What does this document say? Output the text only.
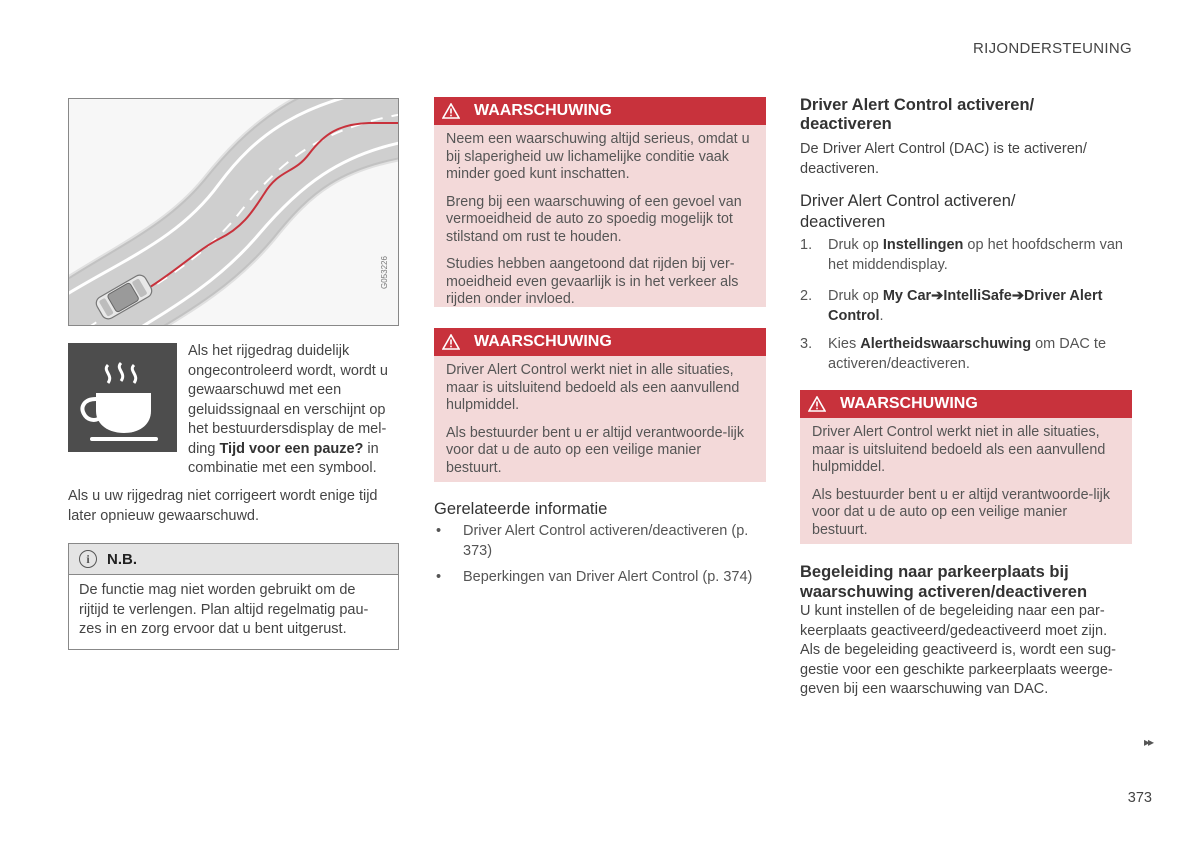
RIJONDERSTEUNING
G053226
Als het rijgedrag duidelijk ongecontroleerd wordt, wordt u gewaarschuwd met een geluidssignaal en verschijnt op het bestuurdersdisplay de mel-ding Tijd voor een pauze? in combinatie met een symbool.
Als u uw rijgedrag niet corrigeert wordt enige tijd later opnieuw gewaarschuwd.
i	N.B.
De functie mag niet worden gebruikt om de rijtijd te verlengen. Plan altijd regelmatig pau-zes in en zorg ervoor dat u bent uitgerust.
WAARSCHUWING

Neem een waarschuwing altijd serieus, omdat u bij slaperigheid uw lichamelijke conditie vaak minder goed kunt inschatten.

Breng bij een waarschuwing of een gevoel van vermoeidheid de auto zo spoedig mogelijk tot stilstand om rust te houden.

Studies hebben aangetoond dat rijden bij ver-moeidheid even gevaarlijk is in het verkeer als rijden onder invloed.

WAARSCHUWING

Driver Alert Control werkt niet in alle situaties, maar is uitsluitend bedoeld als een aanvullend hulpmiddel.

Als bestuurder bent u er altijd verantwoorde-lijk voor dat u de auto op een veilige manier bestuurt.

Gerelateerde informatie
• Driver Alert Control activeren/deactiveren (p. 373)
• Beperkingen van Driver Alert Control (p. 374)
Driver Alert Control activeren/ deactiveren
De Driver Alert Control (DAC) is te activeren/ deactiveren.
Driver Alert Control activeren/ deactiveren
1. Druk op Instellingen op het hoofdscherm van het middendisplay.
2. Druk op My Car➔IntelliSafe➔Driver Alert Control.
3. Kies Alertheidswaarschuwing om DAC te activeren/deactiveren.
WAARSCHUWING

Driver Alert Control werkt niet in alle situaties, maar is uitsluitend bedoeld als een aanvullend hulpmiddel.

Als bestuurder bent u er altijd verantwoorde-lijk voor dat u de auto op een veilige manier bestuurt.

Begeleiding naar parkeerplaats bij waarschuwing activeren/deactiveren
U kunt instellen of de begeleiding naar een par-keerplaats geactiveerd/gedeactiveerd moet zijn. Als de begeleiding geactiveerd is, wordt een sug-gestie voor een geschikte parkeerplaats weerge-geven bij een waarschuwing van DAC.
▸▸
373
